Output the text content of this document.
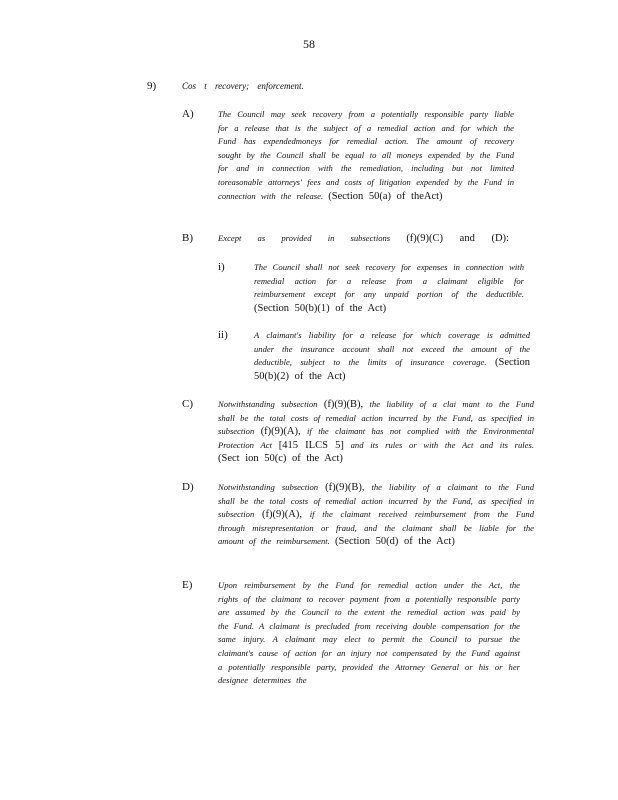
58
9)	Cos t recovery; enforcement.
A)	The Council may seek recovery from a potentially responsible party liable for a release that is the subject of a remedial action and for which the Fund has expendedmoneys for remedial action. The amount of recovery sought by the Council shall be equal to all moneys expended by the Fund for and in connection with the remediation, including but not limited toreasonable attorneys' fees and costs of litigation expended by the Fund in connection with the release. (Section 50(a) of theAct)
B)	Except as provided in subsections (f)(9)(C) and (D):
i)	The Council shall not seek recovery for expenses in connection with remedial action for a release from a claimant eligible for reimbursement except for any unpaid portion of the deductible. (Section 50(b)(1) of the Act)
ii)	A claimant's liability for a release for which coverage is admitted under the insurance account shall not exceed the amount of the deductible, subject to the limits of insurance coverage. (Section 50(b)(2) of the Act)
C)	Notwithstanding subsection (f)(9)(B), the liability of a clai mant to the Fund shall be the total costs of remedial action incurred by the Fund, as specified in subsection (f)(9)(A), if the claimant has not complied with the Environmental Protection Act [415 ILCS 5] and its rules or with the Act and its rules. (Sect ion 50(c) of the Act)
D)	Notwithstanding subsection (f)(9)(B), the liability of a claimant to the Fund shall be the total costs of remedial action incurred by the Fund, as specified in subsection (f)(9)(A), if the claimant received reimbursement from the Fund through misrepresentation or fraud, and the claimant shall be liable for the amount of the reimbursement. (Section 50(d) of the Act)
E)	Upon reimbursement by the Fund for remedial action under the Act, the rights of the claimant to recover payment from a potentially responsible party are assumed by the Council to the extent the remedial action was paid by the Fund. A claimant is precluded from receiving double compensation for the same injury. A claimant may elect to permit the Council to pursue the claimant's cause of action for an injury not compensated by the Fund against a potentially responsible party, provided the Attorney General or his or her designee determines the
